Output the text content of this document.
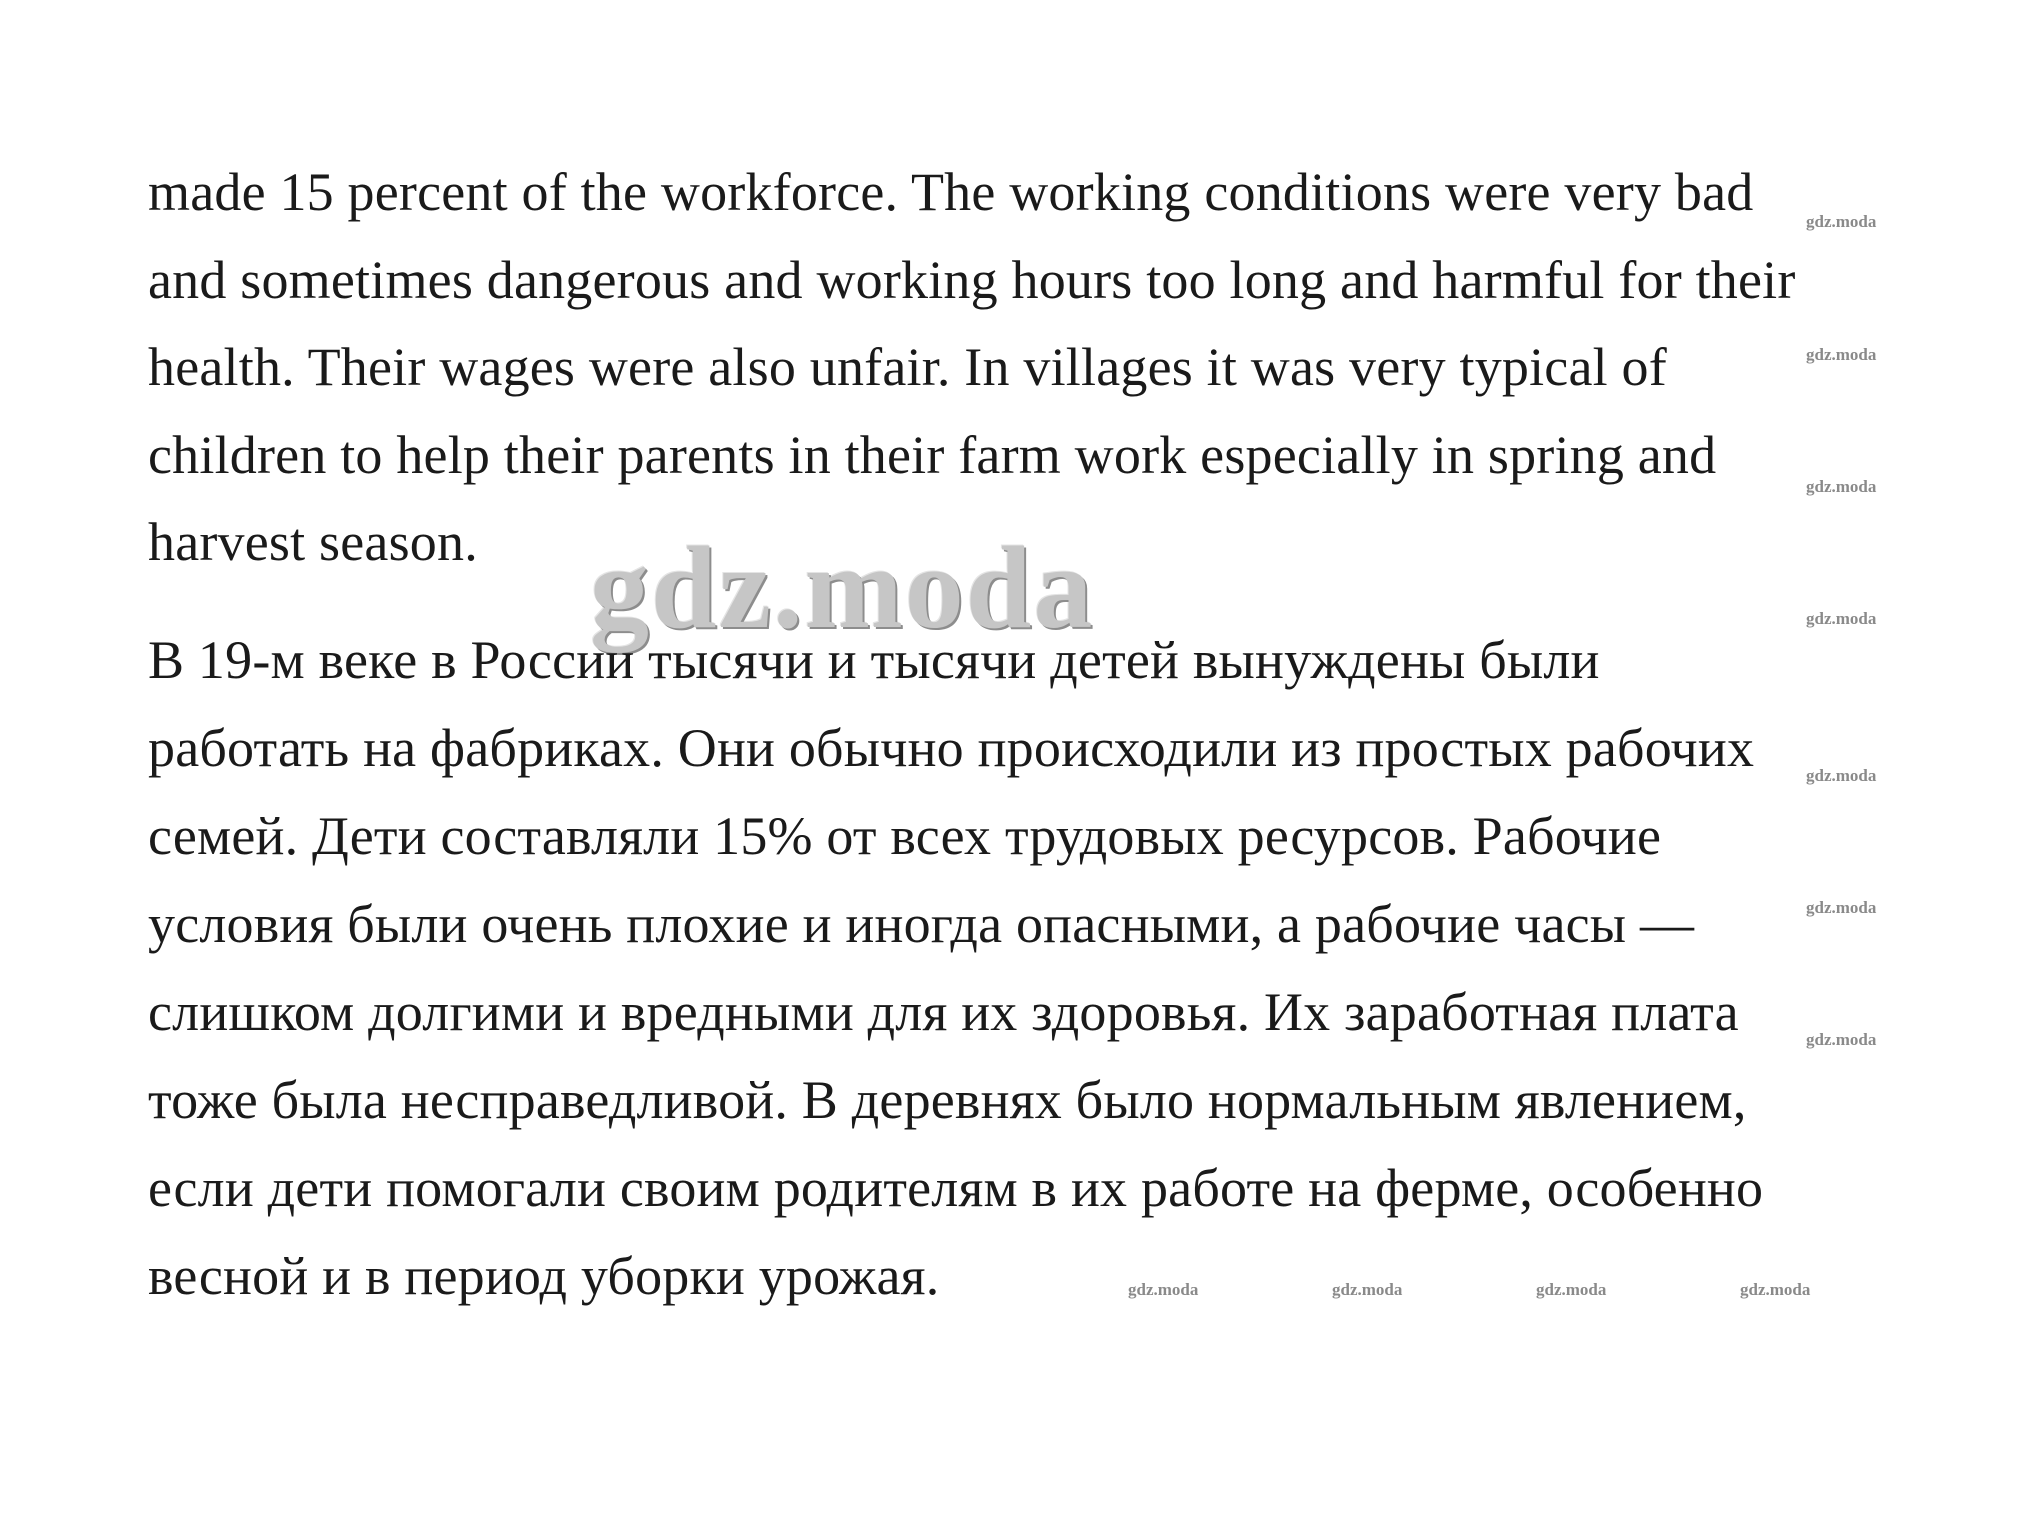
made 15 percent of the workforce. The working conditions were very bad
and sometimes dangerous and working hours too long and harmful for their
health. Their wages were also unfair. In villages it was very typical of
children to help their parents in their farm work especially in spring and
harvest season. gdz.moda
В 19-м веке в России тысячи и тысячи детей вынуждены были
работать на фабриках. Они обычно происходили из простых рабочих
семей. Дети составляли 15% от всех трудовых ресурсов. Рабочие
условия были очень плохие и иногда опасными, а рабочие часы —
слишком долгими и вредными для их здоровья. Их заработная плата
тоже была несправедливой. В деревнях было нормальным явлением,
если дети помогали своим родителям в их работе на ферме, особенно
весной и в период уборки урожая.
gdz.moda
gdz.moda
gdz.moda
gdz.moda
gdz.moda
gdz.moda
gdz.moda
gdz.moda	gdz.moda	gdz.moda	gdz.moda
